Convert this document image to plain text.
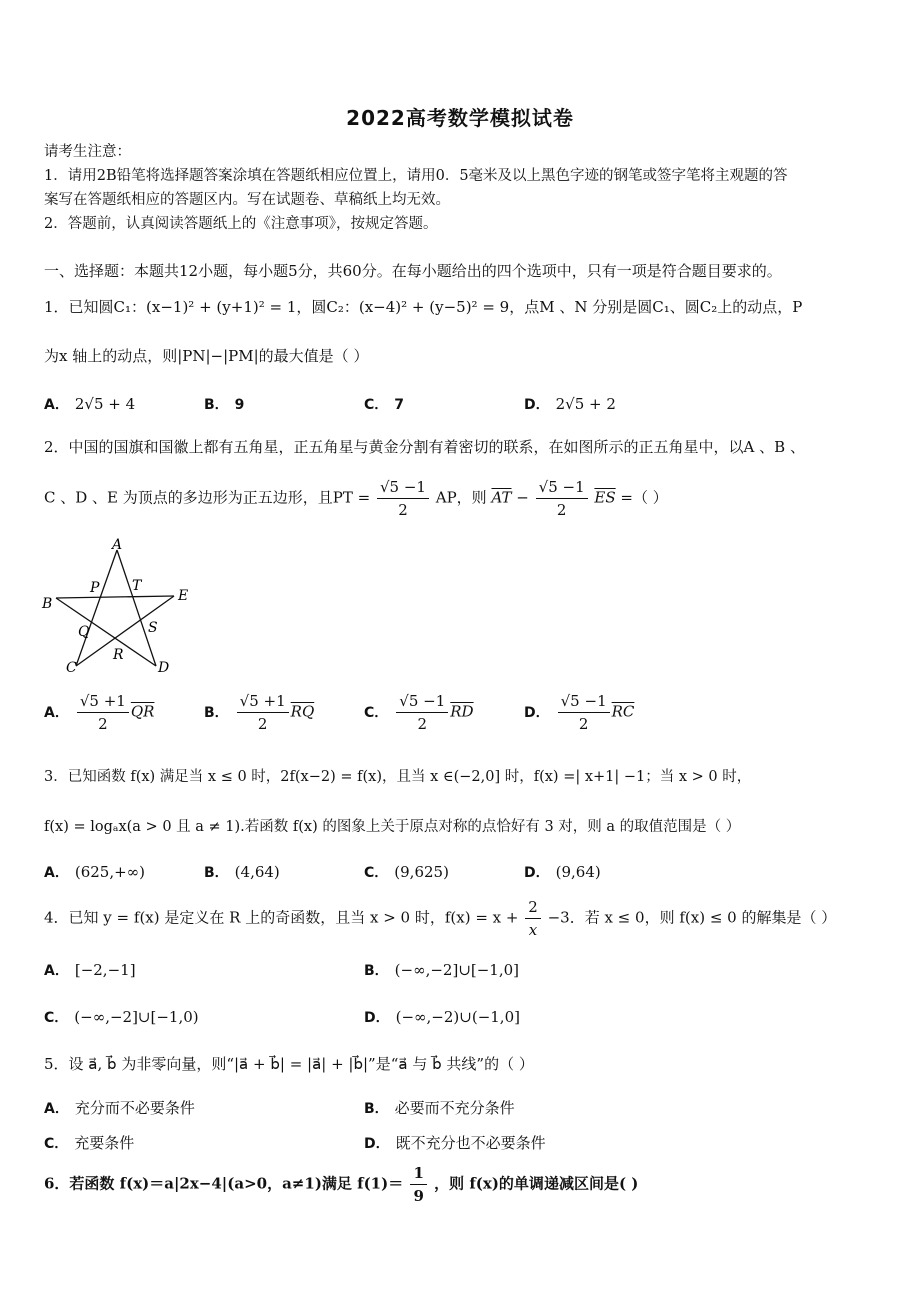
2022高考数学模拟试卷
请考生注意：
1．请用2B铅笔将选择题答案涂填在答题纸相应位置上，请用0．5毫米及以上黑色字迹的钢笔或签字笔将主观题的答
案写在答题纸相应的答题区内。写在试题卷、草稿纸上均无效。
2．答题前，认真阅读答题纸上的《注意事项》，按规定答题。
一、选择题：本题共12小题，每小题5分，共60分。在每小题给出的四个选项中，只有一项是符合题目要求的。
1．已知圆C₁：(x−1)² + (y+1)² = 1，圆C₂：(x−4)² + (y−5)² = 9，点M 、N 分别是圆C₁、圆C₂上的动点，P
为x 轴上的动点，则|PN|−|PM|的最大值是（ ）
A． 2√5 + 4	B． 9	C． 7	D． 2√5 + 2
2．中国的国旗和国徽上都有五角星，正五角星与黄金分割有着密切的联系，在如图所示的正五角星中，以A 、B 、
C 、D 、E 为顶点的多边形为正五边形，且PT = $\frac{√5 -1}{2}$ AP，则 $\overline{AT} - \frac{√5 -1}{2} \overline{ES}$ =（ ）
A
P T
B	E
Q	S
R
C	D
A． $\frac{√5 +1}{2} \overline{QR}$	B． $\frac{√5 +1}{2} \overline{RQ}$	C． $\frac{√5 -1}{2} \overline{RD}$	D． $\frac{√5 -1}{2} \overline{RC}$
3．已知函数 f(x) 满足当 x ≤ 0 时，2f(x−2) = f(x)，且当 x ∈(−2,0] 时，f(x) =| x+1| −1；当 x > 0 时，
f(x) = logₐx(a > 0 且 a ≠ 1).若函数 f(x) 的图象上关于原点对称的点恰好有 3 对，则 a 的取值范围是（ ）
A． (625,+∞)	B． (4,64)	C． (9,625)	D． (9,64)
4．已知 y = f(x) 是定义在 R 上的奇函数，且当 x > 0 时，$f(x) = x + \frac{2}{x} -3$．若 x ≤ 0，则 f(x) ≤ 0 的解集是（ ）
A． [−2,−1]	B． (−∞,−2]∪[−1,0]
C． (−∞,−2]∪[−1,0)	D． (−∞,−2)∪(−1,0]
5．设 a⃗, b⃗ 为非零向量，则“|a⃗ + b⃗| = |a⃗| + |b⃗|”是“a⃗ 与 b⃗ 共线”的（ ）
A． 充分而不必要条件	B． 必要而不充分条件
C． 充要条件	D． 既不充分也不必要条件
6．若函数 f(x)＝a|2x−4|(a>0，a≠1)满足 $f(1)= \frac{1}{9}$ ，则 f(x)的单调递减区间是( )
